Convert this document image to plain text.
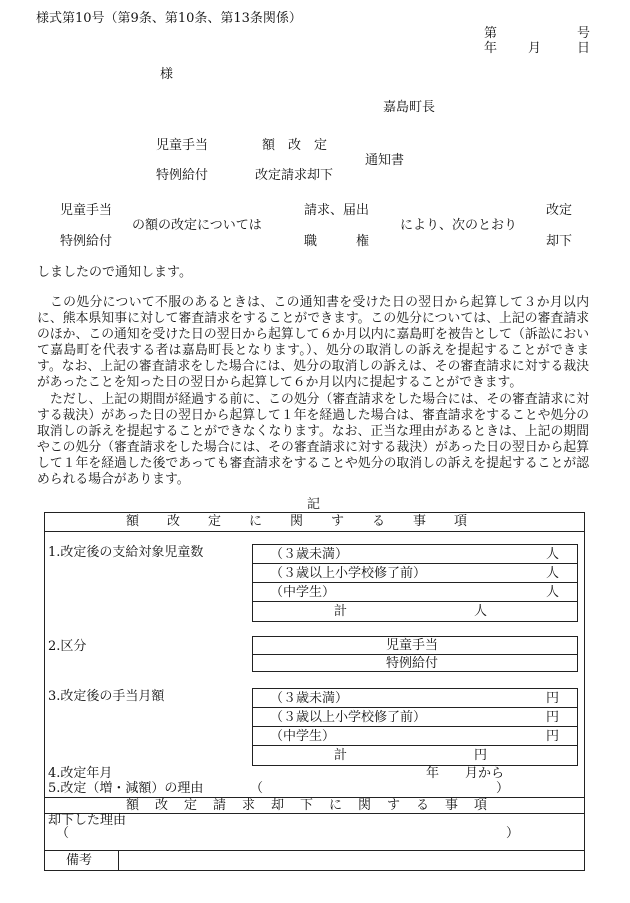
様式第10号（第9条、第10条、第13条関係）
第	号
年 月	日
様
嘉島町長
児童手当	額　改　定
特例給付	改定請求却下
通知書
児童手当
特例給付
の額の改定については
請求、届出
職　　　権
により、次のとおり
改定
却下
しましたので通知します。
この処分について不服のあるときは、この通知書を受けた日の翌日から起算して３か月以内に、熊本県知事に対して審査請求をすることができます。この処分については、上記の審査請求のほか、この通知を受けた日の翌日から起算して６か月以内に嘉島町を被告として（訴訟において嘉島町を代表する者は嘉島町長となります。）、処分の取消しの訴えを提起することができます。なお、上記の審査請求をした場合には、処分の取消しの訴えは、その審査請求に対する裁決があったことを知った日の翌日から起算して６か月以内に提起することができます。
ただし、上記の期間が経過する前に、この処分（審査請求をした場合には、その審査請求に対する裁決）があった日の翌日から起算して１年を経過した場合は、審査請求をすることや処分の取消しの訴えを提起することができなくなります。なお、正当な理由があるときは、上記の期間やこの処分（審査請求をした場合には、その審査請求に対する裁決）があった日の翌日から起算して１年を経過した後であっても審査請求をすることや処分の取消しの訴えを提起することが認められる場合があります。
記
額改定に関する事項
1.改定後の支給対象児童数	（３歳未満）	人
（３歳以上小学校修了前）	人
（中学生）	人
計	人
2.区分	児童手当
特例給付
3.改定後の手当月額	（３歳未満）	円
（３歳以上小学校修了前）	円
（中学生）	円
計	円
4.改定年月	年　　月から
5.改定（増・減額）の理由	（	）
額改定請求却下に関する事項
却下した理由
（	）
備考
